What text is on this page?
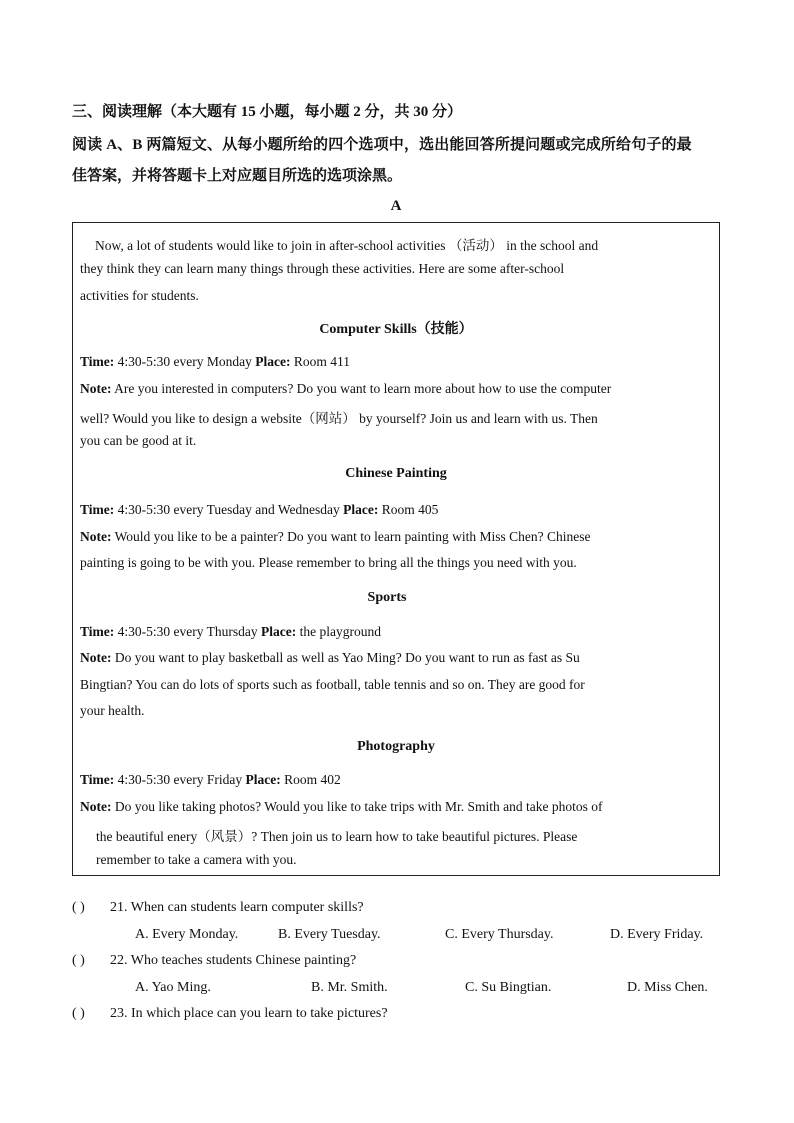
三、阅读理解（本大题有 15 小题，每小题 2 分，共 30 分）
阅读 A、B 两篇短文、从每小题所给的四个选项中，选出能回答所提问题或完成所给句子的最
佳答案，并将答题卡上对应题目所选的选项涂黑。
A
Now, a lot of students would like to join in after-school activities （活动） in the school and
they think they can learn many things through these activities. Here are some after-school
activities for students.
Computer Skills（技能）
Time: 4:30-5:30 every Monday Place: Room 411
Note: Are you interested in computers? Do you want to learn more about how to use the computer
well? Would you like to design a website（网站） by yourself? Join us and learn with us. Then
you can be good at it.
Chinese Painting
Time: 4:30-5:30 every Tuesday and Wednesday Place: Room 405
Note: Would you like to be a painter? Do you want to learn painting with Miss Chen? Chinese
painting is going to be with you. Please remember to bring all the things you need with you.
Sports
Time: 4:30-5:30 every Thursday Place: the playground
Note: Do you want to play basketball as well as Yao Ming? Do you want to run as fast as Su
Bingtian? You can do lots of sports such as football, table tennis and so on. They are good for
your health.
Photography
Time: 4:30-5:30 every Friday Place: Room 402
Note: Do you like taking photos? Would you like to take trips with Mr. Smith and take photos of
the beautiful enery（风景）? Then join us to learn how to take beautiful pictures. Please
remember to take a camera with you.
( ) 21. When can students learn computer skills?
A. Every Monday.	B. Every Tuesday.	C. Every Thursday.	D. Every Friday.
( ) 22. Who teaches students Chinese painting?
A. Yao Ming.	B. Mr. Smith.	C. Su Bingtian.	D. Miss Chen.
( ) 23. In which place can you learn to take pictures?
